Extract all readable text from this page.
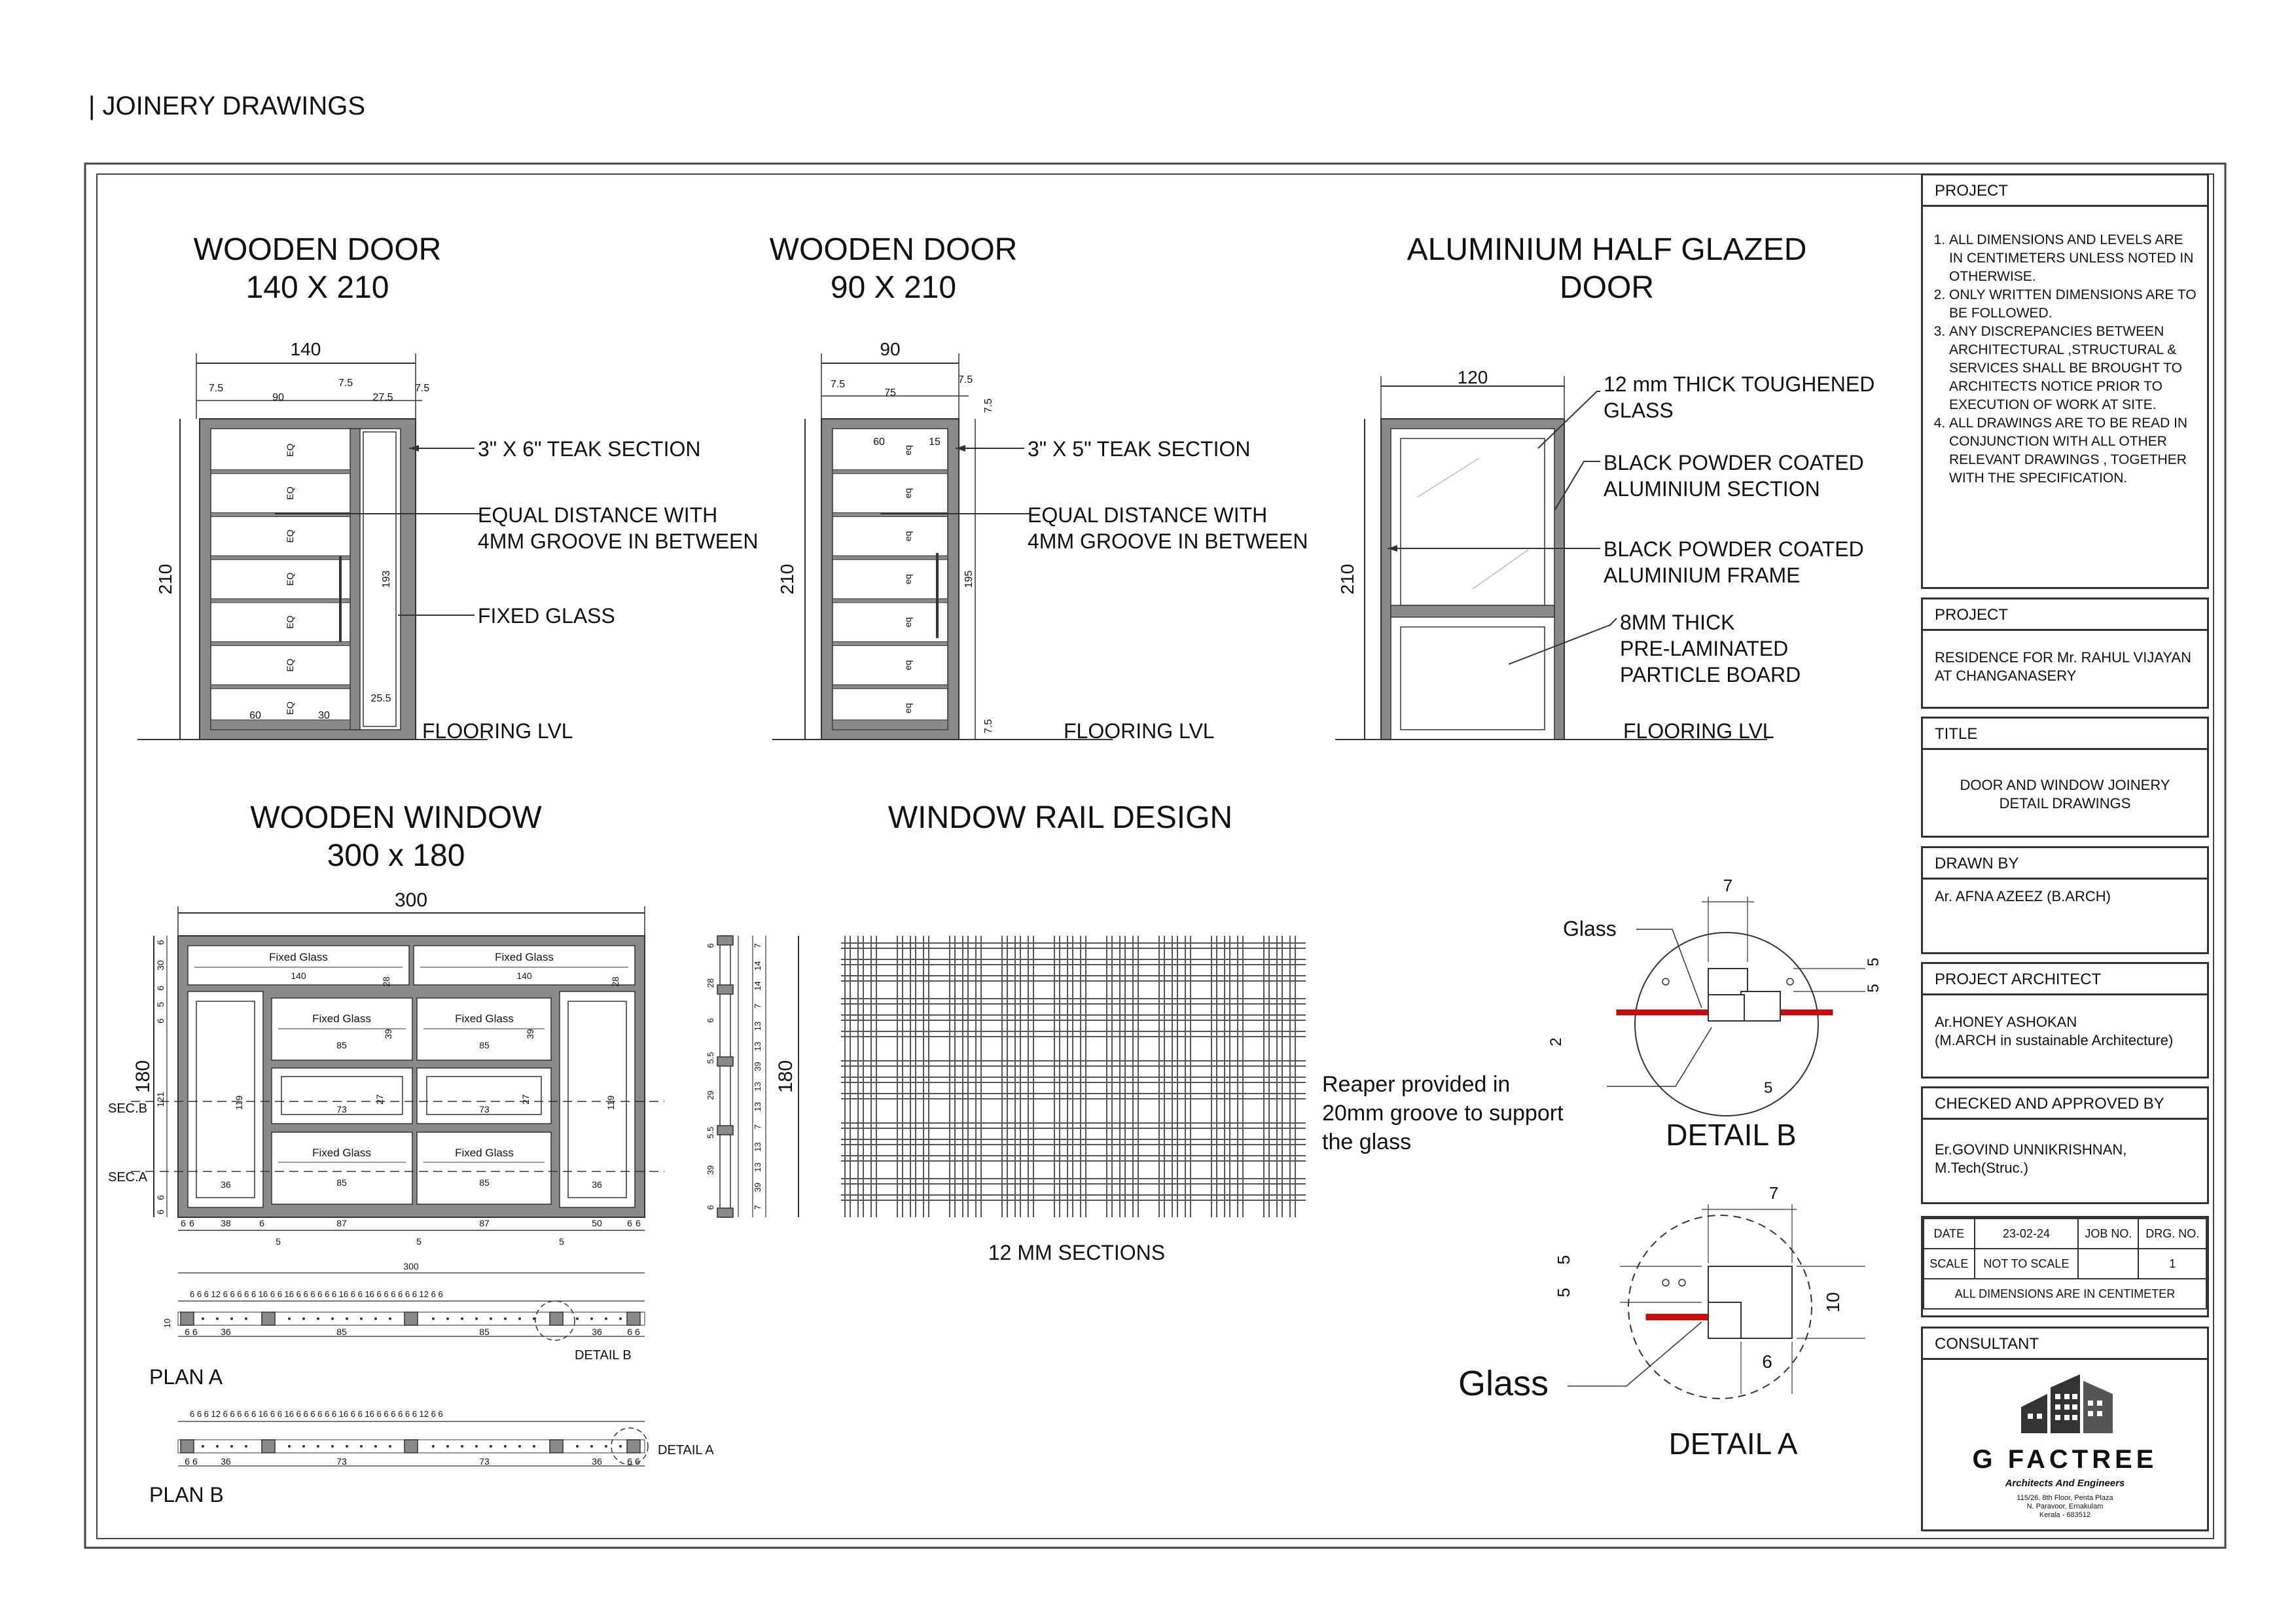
| JOINERY DRAWINGS
WOODEN DOOR
140 X 210
140
7.5
90
7.5
27.5
7.5
210
EQ
EQ
EQ
EQ
EQ
EQ
EQ
193
60	30
25.5
FLOORING LVL
3" X 6" TEAK SECTION
EQUAL DISTANCE WITH
4MM GROOVE IN BETWEEN
FIXED GLASS
WOODEN DOOR
90 X 210
90
7.5
75
7.5
7.5
210
eq
eq
eq
eq
eq
eq
eq
60	15
195
7.5	FLOORING LVL
3" X 5" TEAK SECTION
EQUAL DISTANCE WITH
4MM GROOVE IN BETWEEN
ALUMINIUM HALF GLAZED
DOOR
120
210
FLOORING LVL
12 mm THICK TOUGHENED
GLASS
BLACK POWDER COATED
ALUMINIUM SECTION
BLACK POWDER COATED
ALUMINIUM FRAME
8MM THICK
PRE-LAMINATED
PARTICLE BOARD
WOODEN WINDOW
300 x 180
300
180
Fixed Glass	Fixed Glass
140	140
36	36
119	119
Fixed Glass	Fixed Glass
85	85
73	73
Fixed Glass	Fixed Glass
85	85
SEC.B
SEC.A
6
30
6
5
6
121
6
6
28	28
39	39
27	27
6 6	38	6	87	87	50	6 6
5	5	5
180
6
28
6
5.5
29
5.5
39
6
7
14
14
7
13
13
39
13
13
7
13
13
39
7
WINDOW RAIL DESIGN
12 MM SECTIONS
300
6 6 6 12 6 6 6 6 6 16 6 6 16 6 6 6 6 6 6 16 6 6 16 6 6 6 6 6 6 12 6 6
10
6 6	36	85	85	36	6 6
DETAIL B
PLAN A
6 6 6 12 6 6 6 6 6 16 6 6 16 6 6 6 6 6 6 16 6 6 16 6 6 6 6 6 6 12 6 6
6 6	36	73	73	36	6 6
DETAIL A
PLAN B
Reaper provided in
20mm groove to support
the glass
7
Glass
5
5
2
5
DETAIL B
7
5
5	10
6
Glass
DETAIL A
PROJECT
1. ALL DIMENSIONS AND LEVELS ARE IN CENTIMETERS UNLESS NOTED IN OTHERWISE.
2. ONLY WRITTEN DIMENSIONS ARE TO BE FOLLOWED.
3. ANY DISCREPANCIES BETWEEN ARCHITECTURAL ,STRUCTURAL & SERVICES SHALL BE BROUGHT TO ARCHITECTS NOTICE PRIOR TO EXECUTION OF WORK AT SITE.
4. ALL DRAWINGS ARE TO BE READ IN CONJUNCTION WITH ALL OTHER RELEVANT DRAWINGS , TOGETHER WITH THE SPECIFICATION.
PROJECT
RESIDENCE FOR Mr. RAHUL VIJAYAN AT CHANGANASERY
TITLE
DOOR AND WINDOW JOINERY DETAIL DRAWINGS
DRAWN BY
Ar. AFNA AZEEZ (B.ARCH)
PROJECT ARCHITECT
Ar.HONEY ASHOKAN
(M.ARCH in sustainable Architecture)
CHECKED AND APPROVED BY
Er.GOVIND UNNIKRISHNAN,
M.Tech(Struc.)
DATE	23-02-24	JOB NO.	DRG. NO.
SCALE	NOT TO SCALE		1
ALL DIMENSIONS ARE IN CENTIMETER			
CONSULTANT
G FACTREE
Architects And Engineers
115/26, 8th Floor, Penta Plaza
N. Paravoor, Ernakulam
Kerala - 683512
